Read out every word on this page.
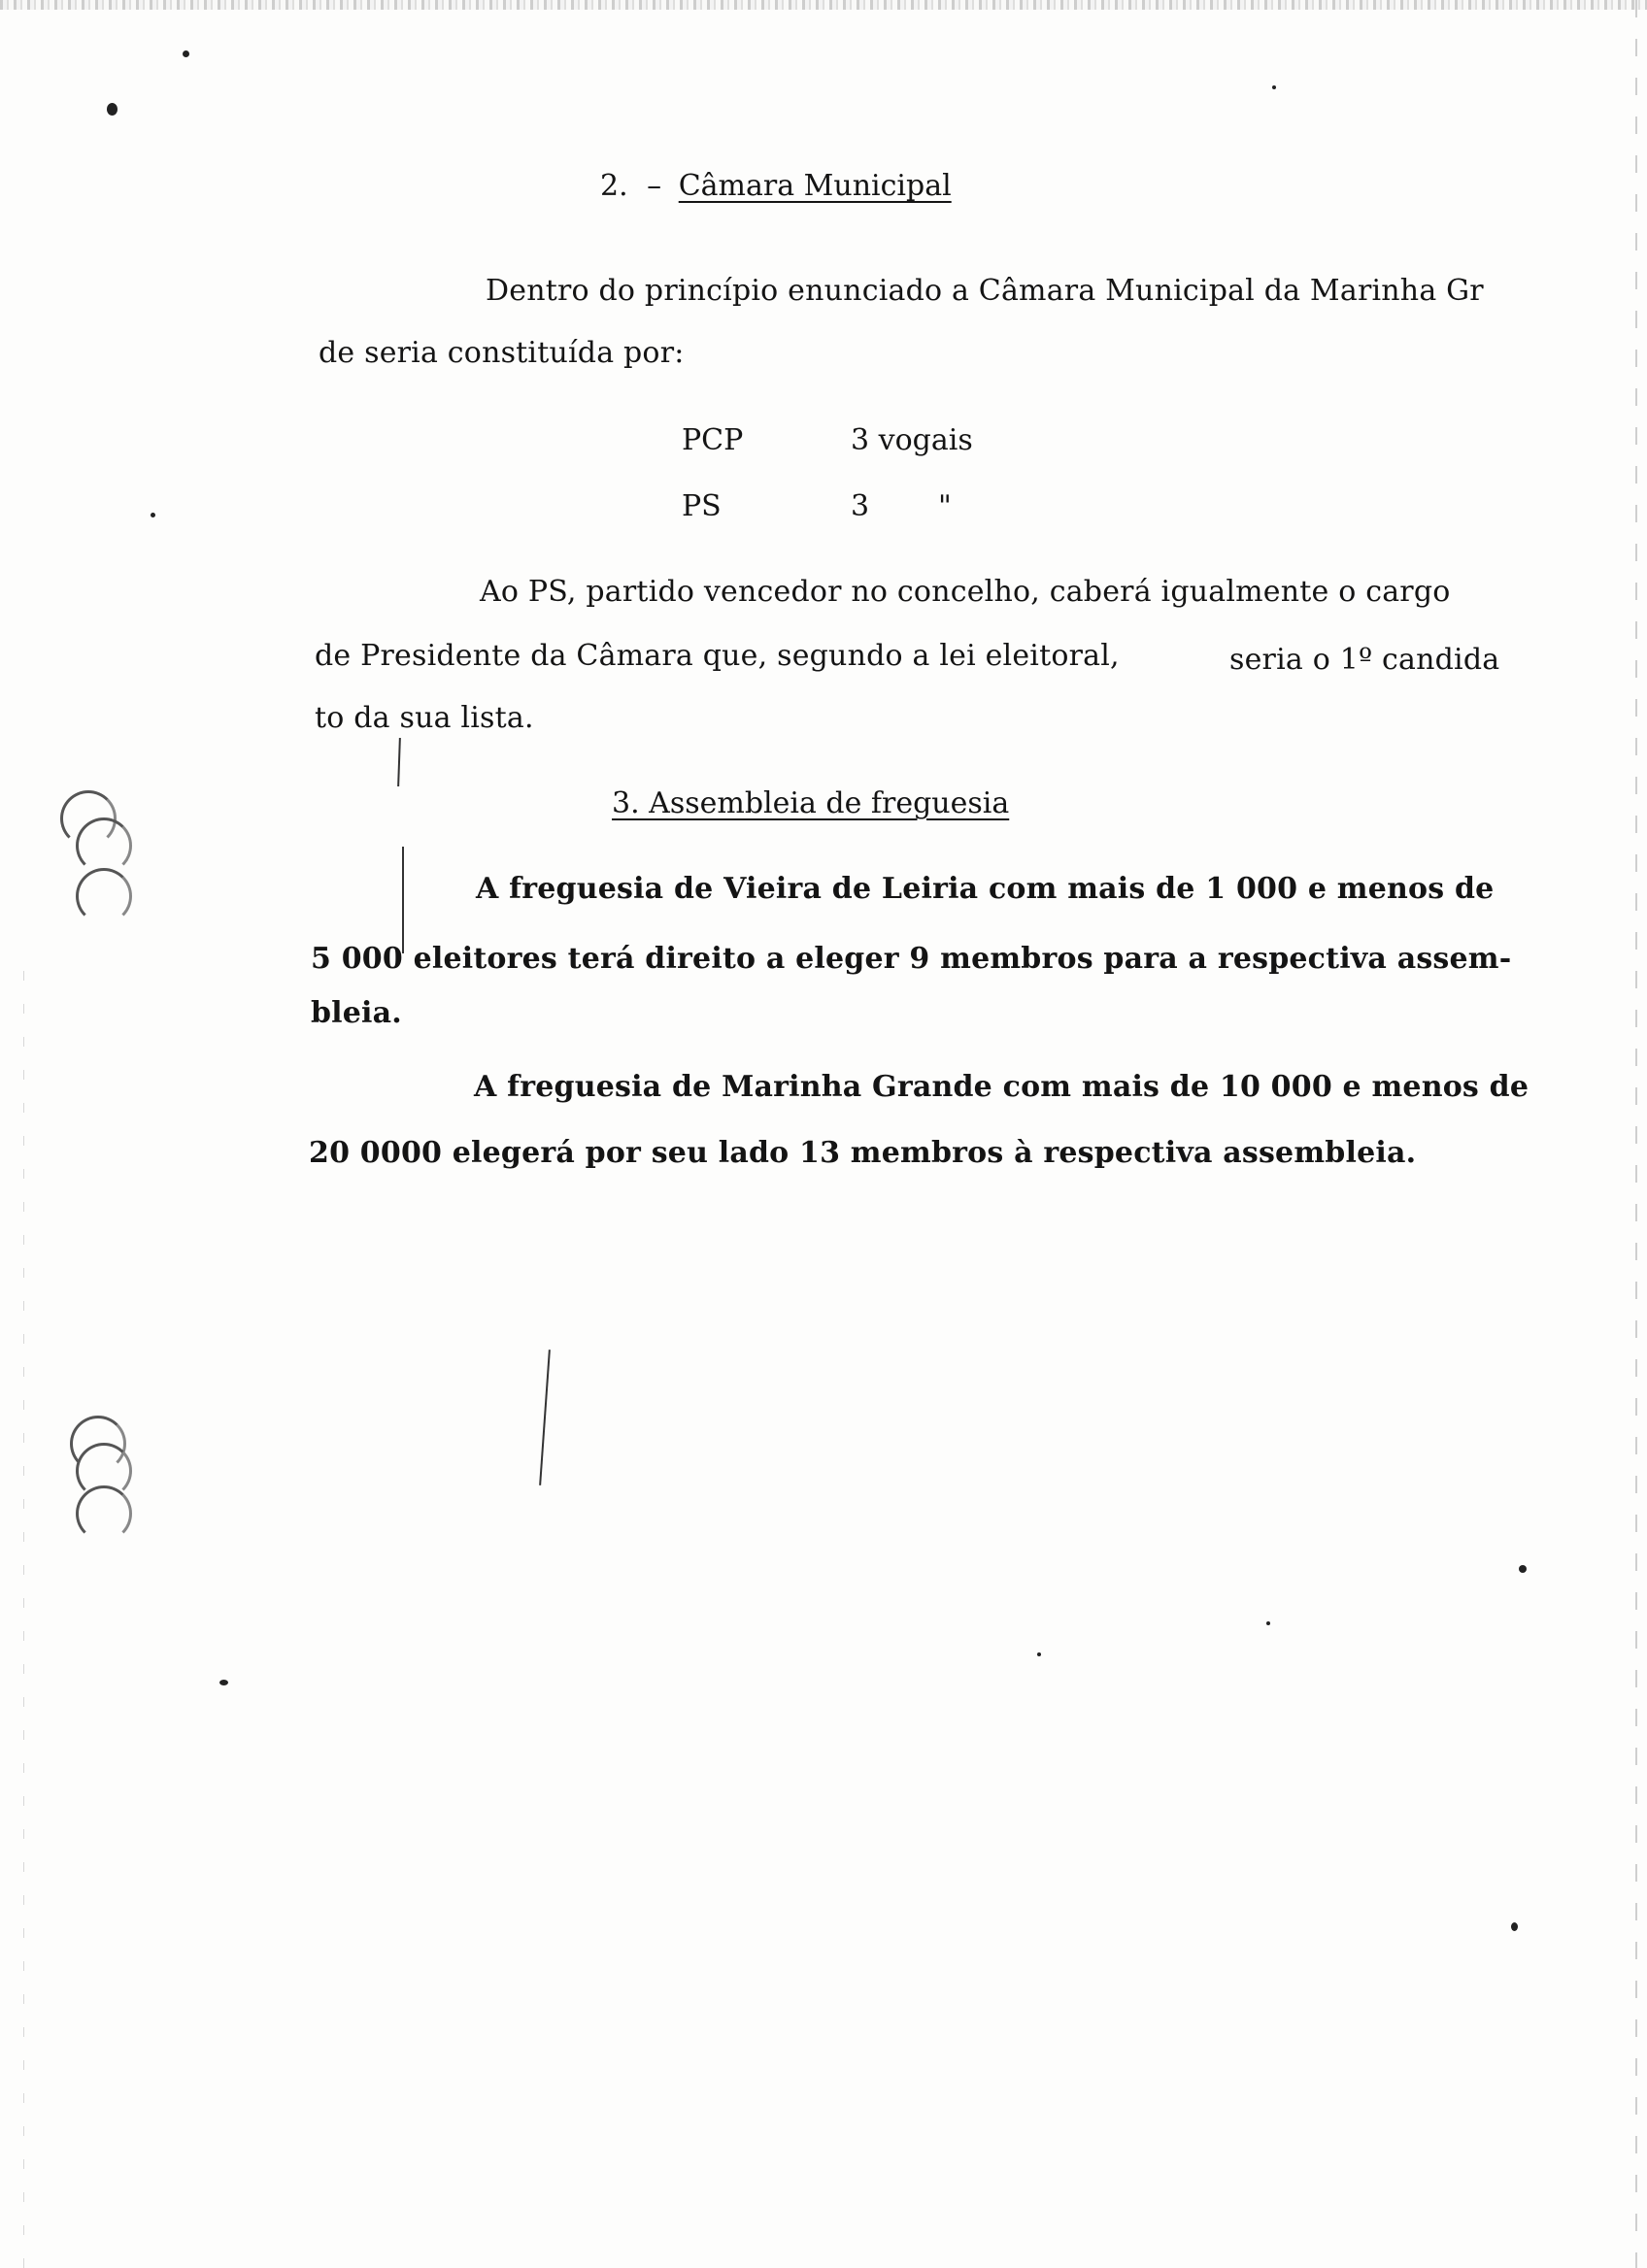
2. – Câmara Municipal
Dentro do princípio enunciado a Câmara Municipal da Marinha Gr
de seria constituída por:
PCP	3 vogais
PS	3 "
Ao PS, partido vencedor no concelho, caberá igualmente o cargo
de Presidente da Câmara que, segundo a lei eleitoral,	seria o 1º candida
to da sua lista.
3. Assembleia de freguesia
A freguesia de Vieira de Leiria com mais de 1 000 e menos de
5 000 eleitores terá direito a eleger 9 membros para a respectiva assem-
bleia.
A freguesia de Marinha Grande com mais de 10 000 e menos de
20 0000 elegerá por seu lado 13 membros à respectiva assembleia.
